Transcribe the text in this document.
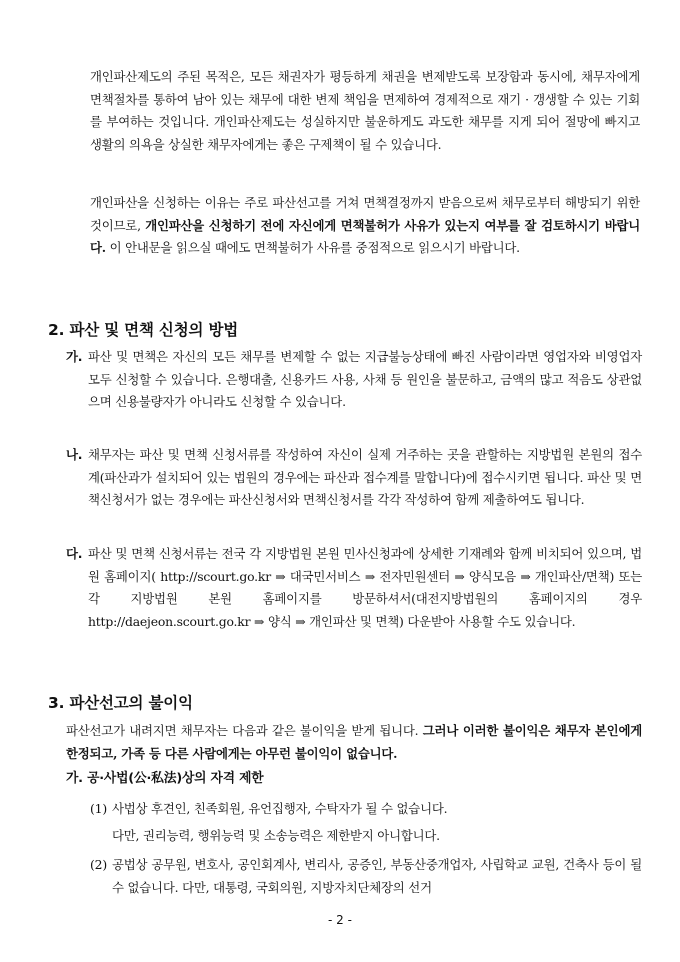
개인파산제도의 주된 목적은, 모든 채권자가 평등하게 채권을 변제받도록 보장함과 동시에, 채무자에게 면책절차를 통하여 남아 있는 채무에 대한 변제 책임을 면제하여 경제적으로 재기 · 갱생할 수 있는 기회를 부여하는 것입니다. 개인파산제도는 성실하지만 불운하게도 과도한 채무를 지게 되어 절망에 빠지고 생활의 의욕을 상실한 채무자에게는 좋은 구제책이 될 수 있습니다.
개인파산을 신청하는 이유는 주로 파산선고를 거쳐 면책결정까지 받음으로써 채무로부터 해방되기 위한 것이므로, 개인파산을 신청하기 전에 자신에게 면책불허가 사유가 있는지 여부를 잘 검토하시기 바랍니다. 이 안내문을 읽으실 때에도 면책불허가 사유를 중점적으로 읽으시기 바랍니다.
2. 파산 및 면책 신청의 방법
가. 파산 및 면책은 자신의 모든 채무를 변제할 수 없는 지급불능상태에 빠진 사람이라면 영업자와 비영업자 모두 신청할 수 있습니다. 은행대출, 신용카드 사용, 사채 등 원인을 불문하고, 금액의 많고 적음도 상관없으며 신용불량자가 아니라도 신청할 수 있습니다.
나. 채무자는 파산 및 면책 신청서류를 작성하여 자신이 실제 거주하는 곳을 관할하는 지방법원 본원의 접수계(파산과가 설치되어 있는 법원의 경우에는 파산과 접수계를 말합니다)에 접수시키면 됩니다. 파산 및 면책신청서가 없는 경우에는 파산신청서와 면책신청서를 각각 작성하여 함께 제출하여도 됩니다.
다. 파산 및 면책 신청서류는 전국 각 지방법원 본원 민사신청과에 상세한 기재례와 함께 비치되어 있으며, 법원 홈페이지( http://scourt.go.kr ⇒ 대국민서비스 ⇒ 전자민원센터 ⇒ 양식모음 ⇒ 개인파산/면책) 또는 각 지방법원 본원 홈페이지를 방문하셔서(대전지방법원의 홈페이지의 경우http://daejeon.scourt.go.kr ⇒ 양식 ⇒ 개인파산 및 면책) 다운받아 사용할 수도 있습니다.
3. 파산선고의 불이익
파산선고가 내려지면 채무자는 다음과 같은 불이익을 받게 됩니다. 그러나 이러한 불이익은 채무자 본인에게 한정되고, 가족 등 다른 사람에게는 아무런 불이익이 없습니다.
가. 공·사법(公·私法)상의 자격 제한
(1) 사법상 후견인, 친족회원, 유언집행자, 수탁자가 될 수 없습니다.
다만, 권리능력, 행위능력 및 소송능력은 제한받지 아니합니다.
(2) 공법상 공무원, 변호사, 공인회계사, 변리사, 공증인, 부동산중개업자, 사립학교 교원, 건축사 등이 될 수 없습니다. 다만, 대통령, 국회의원, 지방자치단체장의 선거
- 2 -
